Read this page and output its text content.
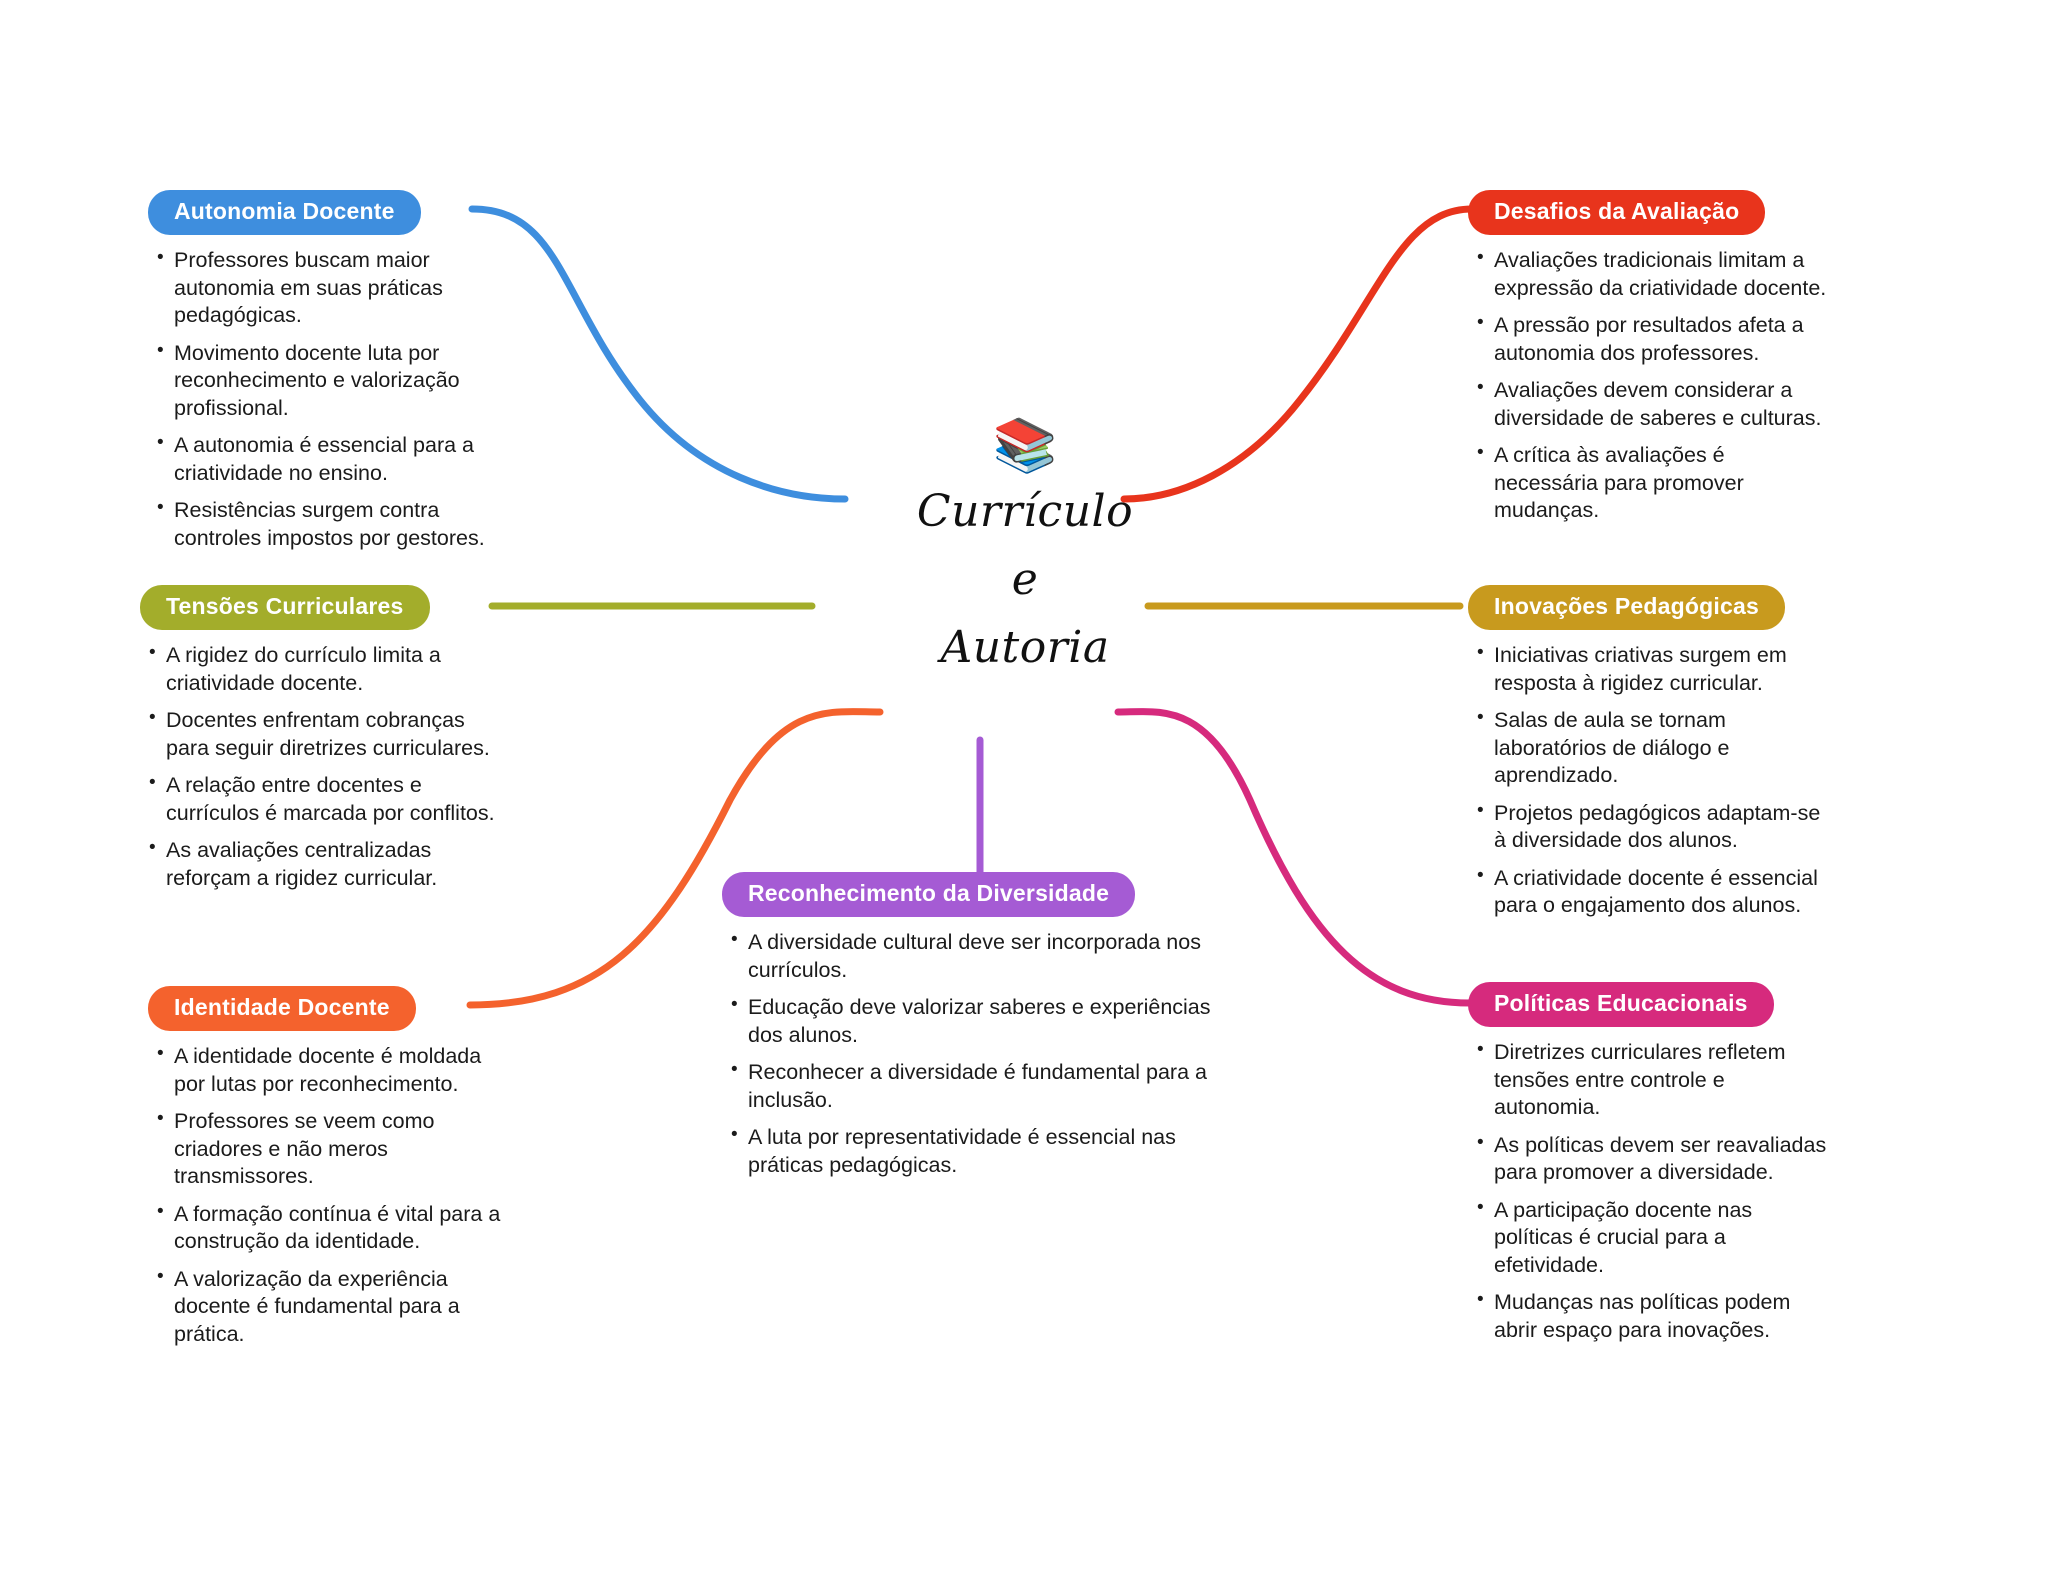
📚
Currículo
e
Autoria
Autonomia Docente
• Professores buscam maior autonomia em suas práticas pedagógicas.
• Movimento docente luta por reconhecimento e valorização profissional.
• A autonomia é essencial para a criatividade no ensino.
• Resistências surgem contra controles impostos por gestores.
Tensões Curriculares
• A rigidez do currículo limita a criatividade docente.
• Docentes enfrentam cobranças para seguir diretrizes curriculares.
• A relação entre docentes e currículos é marcada por conflitos.
• As avaliações centralizadas reforçam a rigidez curricular.
Identidade Docente
• A identidade docente é moldada por lutas por reconhecimento.
• Professores se veem como criadores e não meros transmissores.
• A formação contínua é vital para a construção da identidade.
• A valorização da experiência docente é fundamental para a prática.
Reconhecimento da Diversidade
• A diversidade cultural deve ser incorporada nos currículos.
• Educação deve valorizar saberes e experiências dos alunos.
• Reconhecer a diversidade é fundamental para a inclusão.
• A luta por representatividade é essencial nas práticas pedagógicas.
Desafios da Avaliação
• Avaliações tradicionais limitam a expressão da criatividade docente.
• A pressão por resultados afeta a autonomia dos professores.
• Avaliações devem considerar a diversidade de saberes e culturas.
• A crítica às avaliações é necessária para promover mudanças.
Inovações Pedagógicas
• Iniciativas criativas surgem em resposta à rigidez curricular.
• Salas de aula se tornam laboratórios de diálogo e aprendizado.
• Projetos pedagógicos adaptam-se à diversidade dos alunos.
• A criatividade docente é essencial para o engajamento dos alunos.
Políticas Educacionais
• Diretrizes curriculares refletem tensões entre controle e autonomia.
• As políticas devem ser reavaliadas para promover a diversidade.
• A participação docente nas políticas é crucial para a efetividade.
• Mudanças nas políticas podem abrir espaço para inovações.
